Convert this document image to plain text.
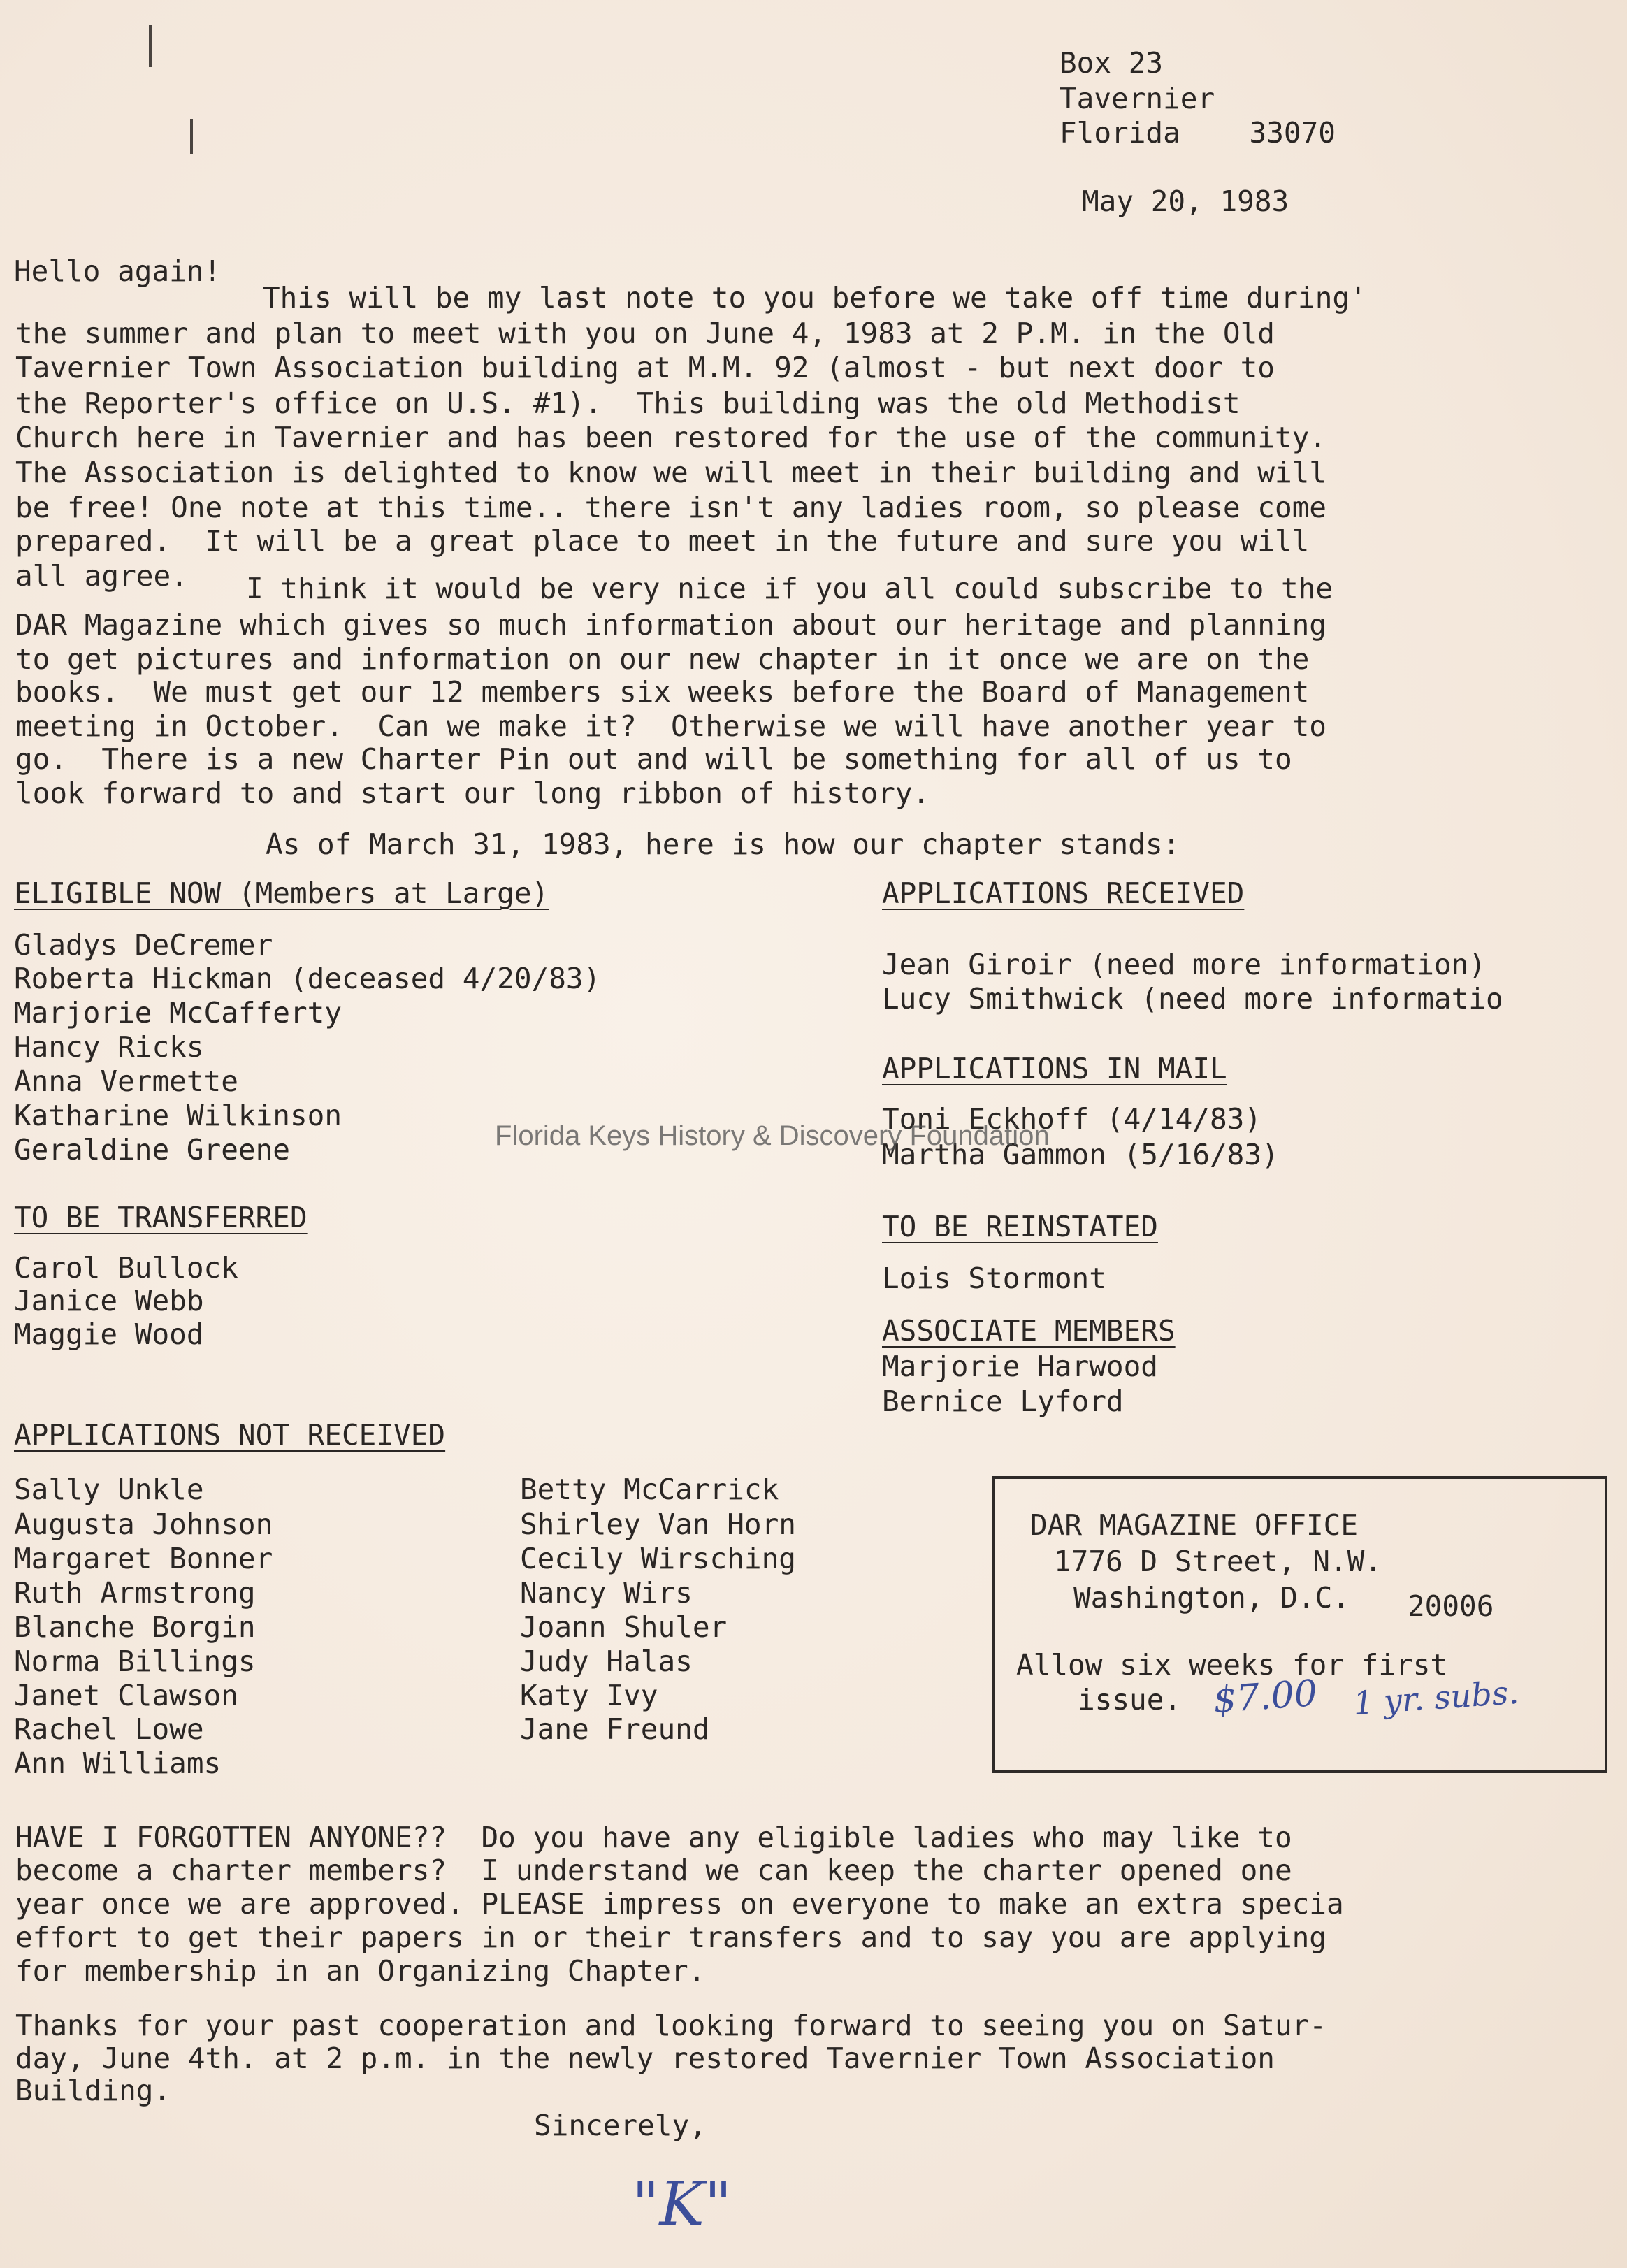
Box 23
Tavernier
Florida    33070
May 20, 1983
Hello again!
This will be my last note to you before we take off time during'
the summer and plan to meet with you on June 4, 1983 at 2 P.M. in the Old
Tavernier Town Association building at M.M. 92 (almost - but next door to
the Reporter's office on U.S. #1).  This building was the old Methodist
Church here in Tavernier and has been restored for the use of the community.
The Association is delighted to know we will meet in their building and will
be free! One note at this time.. there isn't any ladies room, so please come
prepared.  It will be a great place to meet in the future and sure you will
all agree. I think it would be very nice if you all could subscribe to the
DAR Magazine which gives so much information about our heritage and planning
to get pictures and information on our new chapter in it once we are on the
books.  We must get our 12 members six weeks before the Board of Management
meeting in October.  Can we make it?  Otherwise we will have another year to
go.  There is a new Charter Pin out and will be something for all of us to
look forward to and start our long ribbon of history.
As of March 31, 1983, here is how our chapter stands:
ELIGIBLE NOW (Members at Large)
Gladys DeCremer
Roberta Hickman (deceased 4/20/83)
Marjorie McCafferty
Hancy Ricks
Anna Vermette
Katharine Wilkinson
Geraldine Greene
TO BE TRANSFERRED
Carol Bullock
Janice Webb
Maggie Wood
APPLICATIONS RECEIVED
Jean Giroir (need more information)
Lucy Smithwick (need more informatio
APPLICATIONS IN MAIL
Toni Eckhoff (4/14/83)
Martha Gammon (5/16/83)
TO BE REINSTATED
Lois Stormont
ASSOCIATE MEMBERS
Marjorie Harwood
Bernice Lyford
Florida Keys History & Discovery Foundation
APPLICATIONS NOT RECEIVED
Sally Unkle
Augusta Johnson
Margaret Bonner
Ruth Armstrong
Blanche Borgin
Norma Billings
Janet Clawson
Rachel Lowe
Ann Williams
Betty McCarrick
Shirley Van Horn
Cecily Wirsching
Nancy Wirs
Joann Shuler
Judy Halas
Katy Ivy
Jane Freund
DAR MAGAZINE OFFICE
1776 D Street, N.W.
Washington, D.C. 20006
Allow six weeks for first
issue. $7.00 1 yr. subs.
HAVE I FORGOTTEN ANYONE??  Do you have any eligible ladies who may like to
become a charter members?  I understand we can keep the charter opened one
year once we are approved. PLEASE impress on everyone to make an extra specia
effort to get their papers in or their transfers and to say you are applying
for membership in an Organizing Chapter.
Thanks for your past cooperation and looking forward to seeing you on Satur-
day, June 4th. at 2 p.m. in the newly restored Tavernier Town Association
Building.
Sincerely,
"K"
